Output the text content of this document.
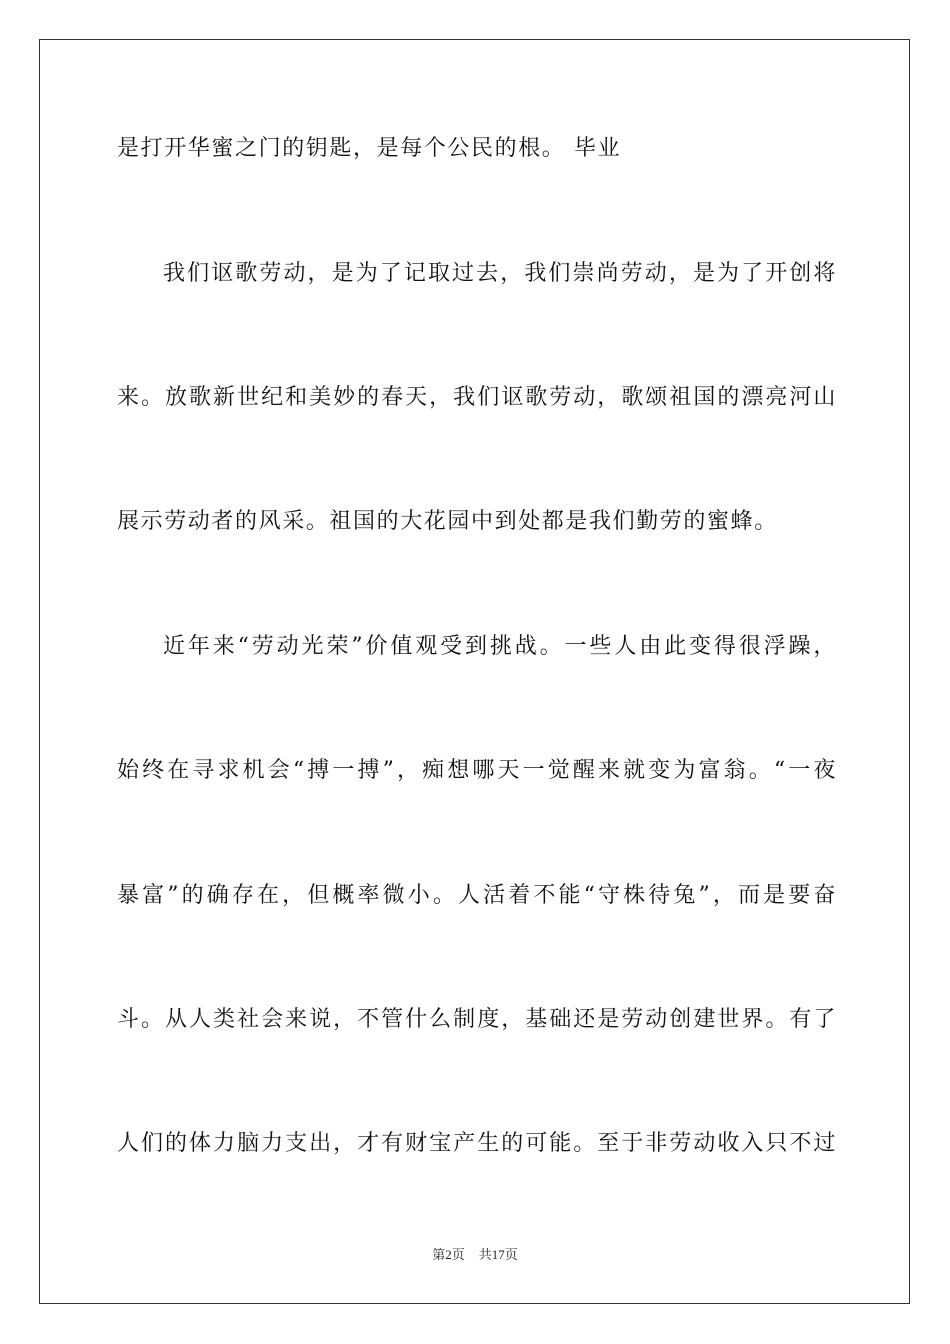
是打开华蜜之门的钥匙，是每个公民的根。 毕业
我们讴歌劳动，是为了记取过去，我们崇尚劳动，是为了开创将
来。放歌新世纪和美妙的春天，我们讴歌劳动，歌颂祖国的漂亮河山
展示劳动者的风采。祖国的大花园中到处都是我们勤劳的蜜蜂。
近年来“劳动光荣”价值观受到挑战。一些人由此变得很浮躁，
始终在寻求机会“搏一搏”，痴想哪天一觉醒来就变为富翁。“一夜
暴富”的确存在，但概率微小。人活着不能“守株待兔”，而是要奋
斗。从人类社会来说，不管什么制度，基础还是劳动创建世界。有了
人们的体力脑力支出，才有财宝产生的可能。至于非劳动收入只不过
第2页 共17页
